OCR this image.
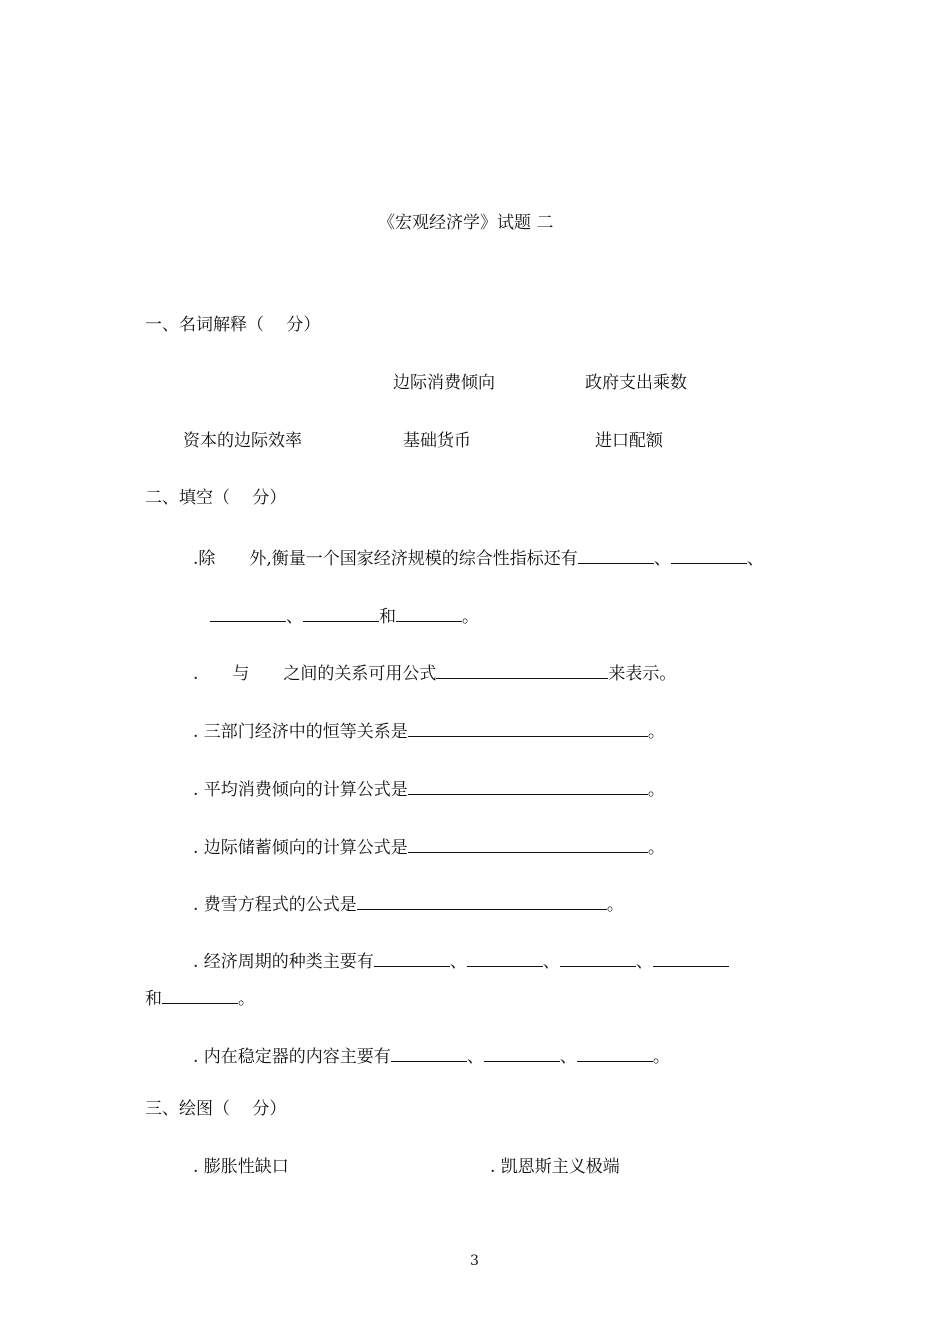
《宏观经济学》试题 二
一、名词解释（　 分）
边际消费倾向	政府支出乘数
资本的边际效率	基础货币	进口配额
二、填空（　 分）
.除　　外,衡量一个国家经济规模的综合性指标还有	、	、
、	和	。
.　　与　　之间的关系可用公式	来表示。
. 三部门经济中的恒等关系是	。
. 平均消费倾向的计算公式是	。
. 边际储蓄倾向的计算公式是	。
. 费雪方程式的公式是	。
. 经济周期的种类主要有	、	、	、
和	。
. 内在稳定器的内容主要有	、	、	。
三、绘图（　 分）
. 膨胀性缺口	. 凯恩斯主义极端
3
